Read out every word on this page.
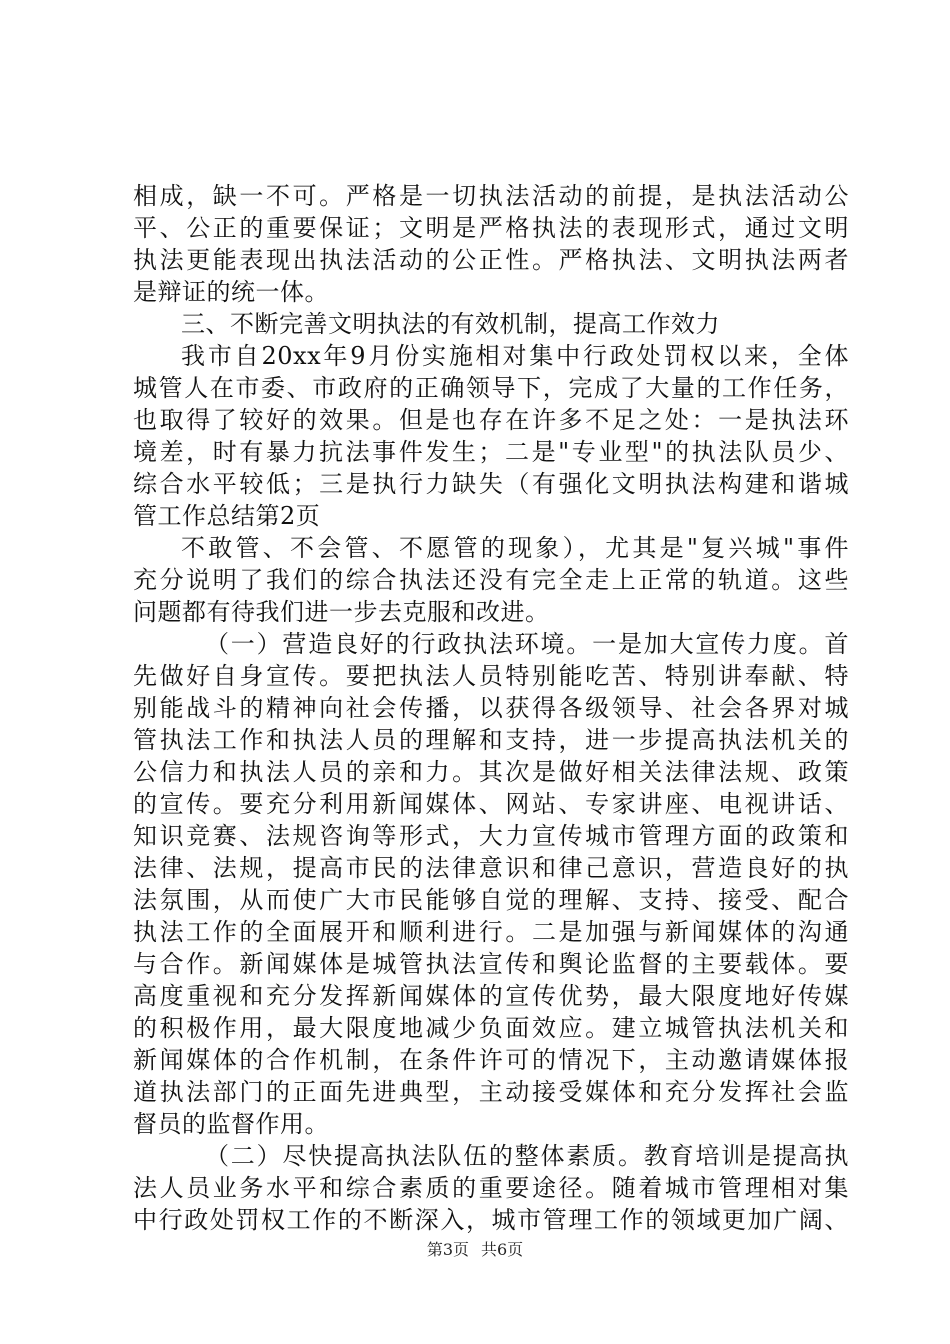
相成，缺一不可。严格是一切执法活动的前提，是执法活动公
平、公正的重要保证；文明是严格执法的表现形式，通过文明
执法更能表现出执法活动的公正性。严格执法、文明执法两者
是辩证的统一体。
三、不断完善文明执法的有效机制，提高工作效力
我市自20xx年9月份实施相对集中行政处罚权以来，全体
城管人在市委、市政府的正确领导下，完成了大量的工作任务，
也取得了较好的效果。但是也存在许多不足之处：一是执法环
境差，时有暴力抗法事件发生；二是"专业型"的执法队员少、
综合水平较低；三是执行力缺失（有强化文明执法构建和谐城
管工作总结第2页
不敢管、不会管、不愿管的现象），尤其是"复兴城"事件
充分说明了我们的综合执法还没有完全走上正常的轨道。这些
问题都有待我们进一步去克服和改进。
（一）营造良好的行政执法环境。一是加大宣传力度。首
先做好自身宣传。要把执法人员特别能吃苦、特别讲奉献、特
别能战斗的精神向社会传播，以获得各级领导、社会各界对城
管执法工作和执法人员的理解和支持，进一步提高执法机关的
公信力和执法人员的亲和力。其次是做好相关法律法规、政策
的宣传。要充分利用新闻媒体、网站、专家讲座、电视讲话、
知识竞赛、法规咨询等形式，大力宣传城市管理方面的政策和
法律、法规，提高市民的法律意识和律己意识，营造良好的执
法氛围，从而使广大市民能够自觉的理解、支持、接受、配合
执法工作的全面展开和顺利进行。二是加强与新闻媒体的沟通
与合作。新闻媒体是城管执法宣传和舆论监督的主要载体。要
高度重视和充分发挥新闻媒体的宣传优势，最大限度地好传媒
的积极作用，最大限度地减少负面效应。建立城管执法机关和
新闻媒体的合作机制，在条件许可的情况下，主动邀请媒体报
道执法部门的正面先进典型，主动接受媒体和充分发挥社会监
督员的监督作用。
（二）尽快提高执法队伍的整体素质。教育培训是提高执
法人员业务水平和综合素质的重要途径。随着城市管理相对集
中行政处罚权工作的不断深入，城市管理工作的领域更加广阔、
第3页 共6页
